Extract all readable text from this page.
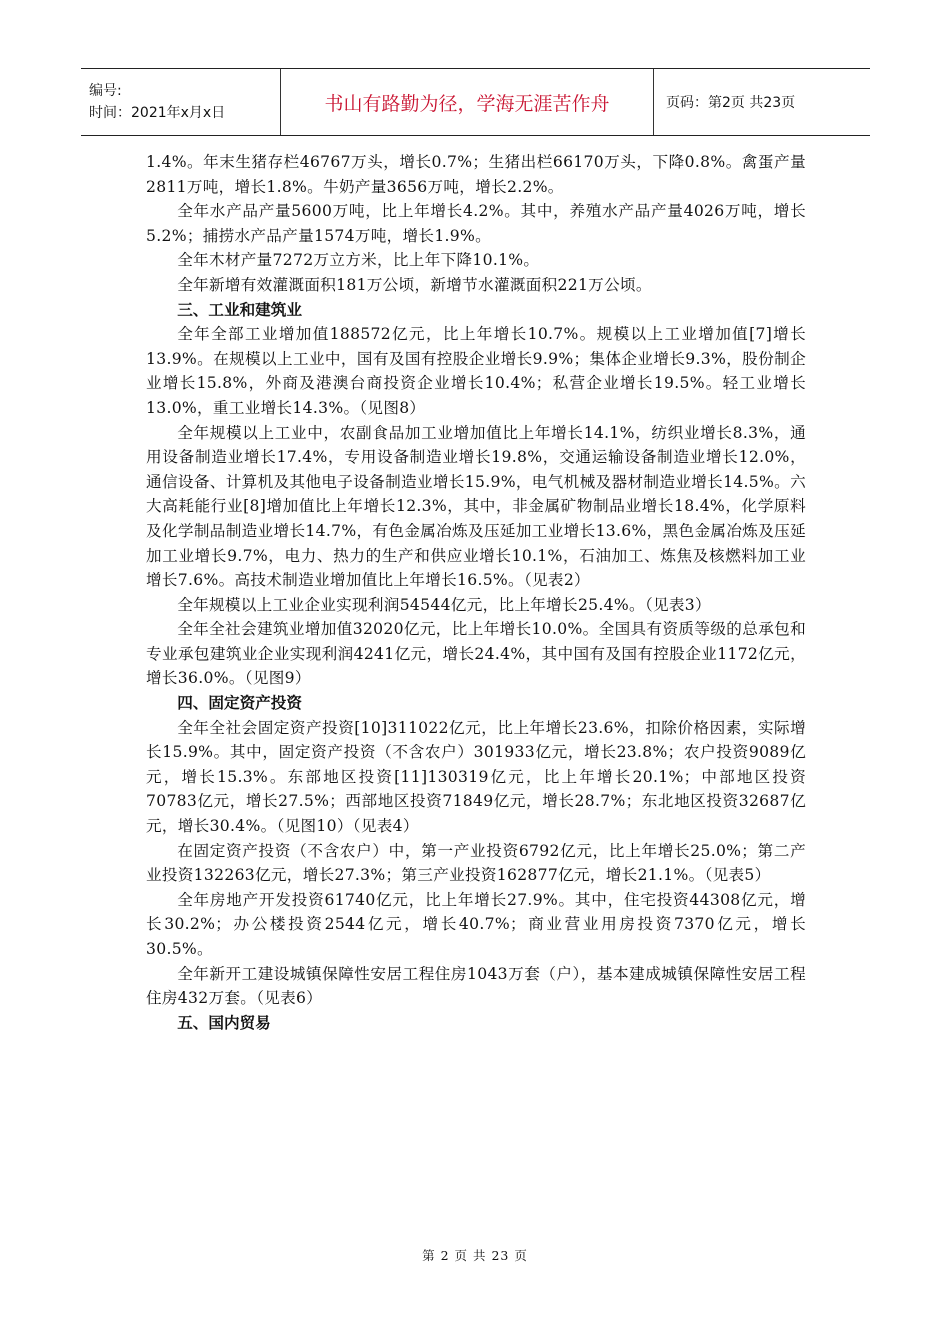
编号:
时间：2021年x月x日	书山有路勤为径，学海无涯苦作舟	页码：第2页 共23页

1.4%。年末生猪存栏46767万头，增长0.7%；生猪出栏66170万头，下降0.8%。禽蛋产量2811万吨，增长1.8%。牛奶产量3656万吨，增长2.2%。

全年水产品产量5600万吨，比上年增长4.2%。其中，养殖水产品产量4026万吨，增长5.2%；捕捞水产品产量1574万吨，增长1.9%。

全年木材产量7272万立方米，比上年下降10.1%。

全年新增有效灌溉面积181万公顷，新增节水灌溉面积221万公顷。

三、工业和建筑业

全年全部工业增加值188572亿元，比上年增长10.7%。规模以上工业增加值[7]增长13.9%。在规模以上工业中，国有及国有控股企业增长9.9%；集体企业增长9.3%，股份制企业增长15.8%，外商及港澳台商投资企业增长10.4%；私营企业增长19.5%。轻工业增长13.0%，重工业增长14.3%。（见图8）

全年规模以上工业中，农副食品加工业增加值比上年增长14.1%，纺织业增长8.3%，通用设备制造业增长17.4%，专用设备制造业增长19.8%，交通运输设备制造业增长12.0%，通信设备、计算机及其他电子设备制造业增长15.9%，电气机械及器材制造业增长14.5%。六大高耗能行业[8]增加值比上年增长12.3%，其中，非金属矿物制品业增长18.4%，化学原料及化学制品制造业增长14.7%，有色金属冶炼及压延加工业增长13.6%，黑色金属冶炼及压延加工业增长9.7%，电力、热力的生产和供应业增长10.1%，石油加工、炼焦及核燃料加工业增长7.6%。高技术制造业增加值比上年增长16.5%。（见表2）

全年规模以上工业企业实现利润54544亿元，比上年增长25.4%。（见表3）

全年全社会建筑业增加值32020亿元，比上年增长10.0%。全国具有资质等级的总承包和专业承包建筑业企业实现利润4241亿元，增长24.4%，其中国有及国有控股企业1172亿元，增长36.0%。（见图9）

四、固定资产投资

全年全社会固定资产投资[10]311022亿元，比上年增长23.6%，扣除价格因素，实际增长15.9%。其中，固定资产投资（不含农户）301933亿元，增长23.8%；农户投资9089亿元，增长15.3%。东部地区投资[11]130319亿元，比上年增长20.1%；中部地区投资70783亿元，增长27.5%；西部地区投资71849亿元，增长28.7%；东北地区投资32687亿元，增长30.4%。（见图10）（见表4）

在固定资产投资（不含农户）中，第一产业投资6792亿元，比上年增长25.0%；第二产业投资132263亿元，增长27.3%；第三产业投资162877亿元，增长21.1%。（见表5）

全年房地产开发投资61740亿元，比上年增长27.9%。其中，住宅投资44308亿元，增长30.2%；办公楼投资2544亿元，增长40.7%；商业营业用房投资7370亿元，增长30.5%。

全年新开工建设城镇保障性安居工程住房1043万套（户），基本建成城镇保障性安居工程住房432万套。（见表6）

五、国内贸易
第 2 页 共 23 页
